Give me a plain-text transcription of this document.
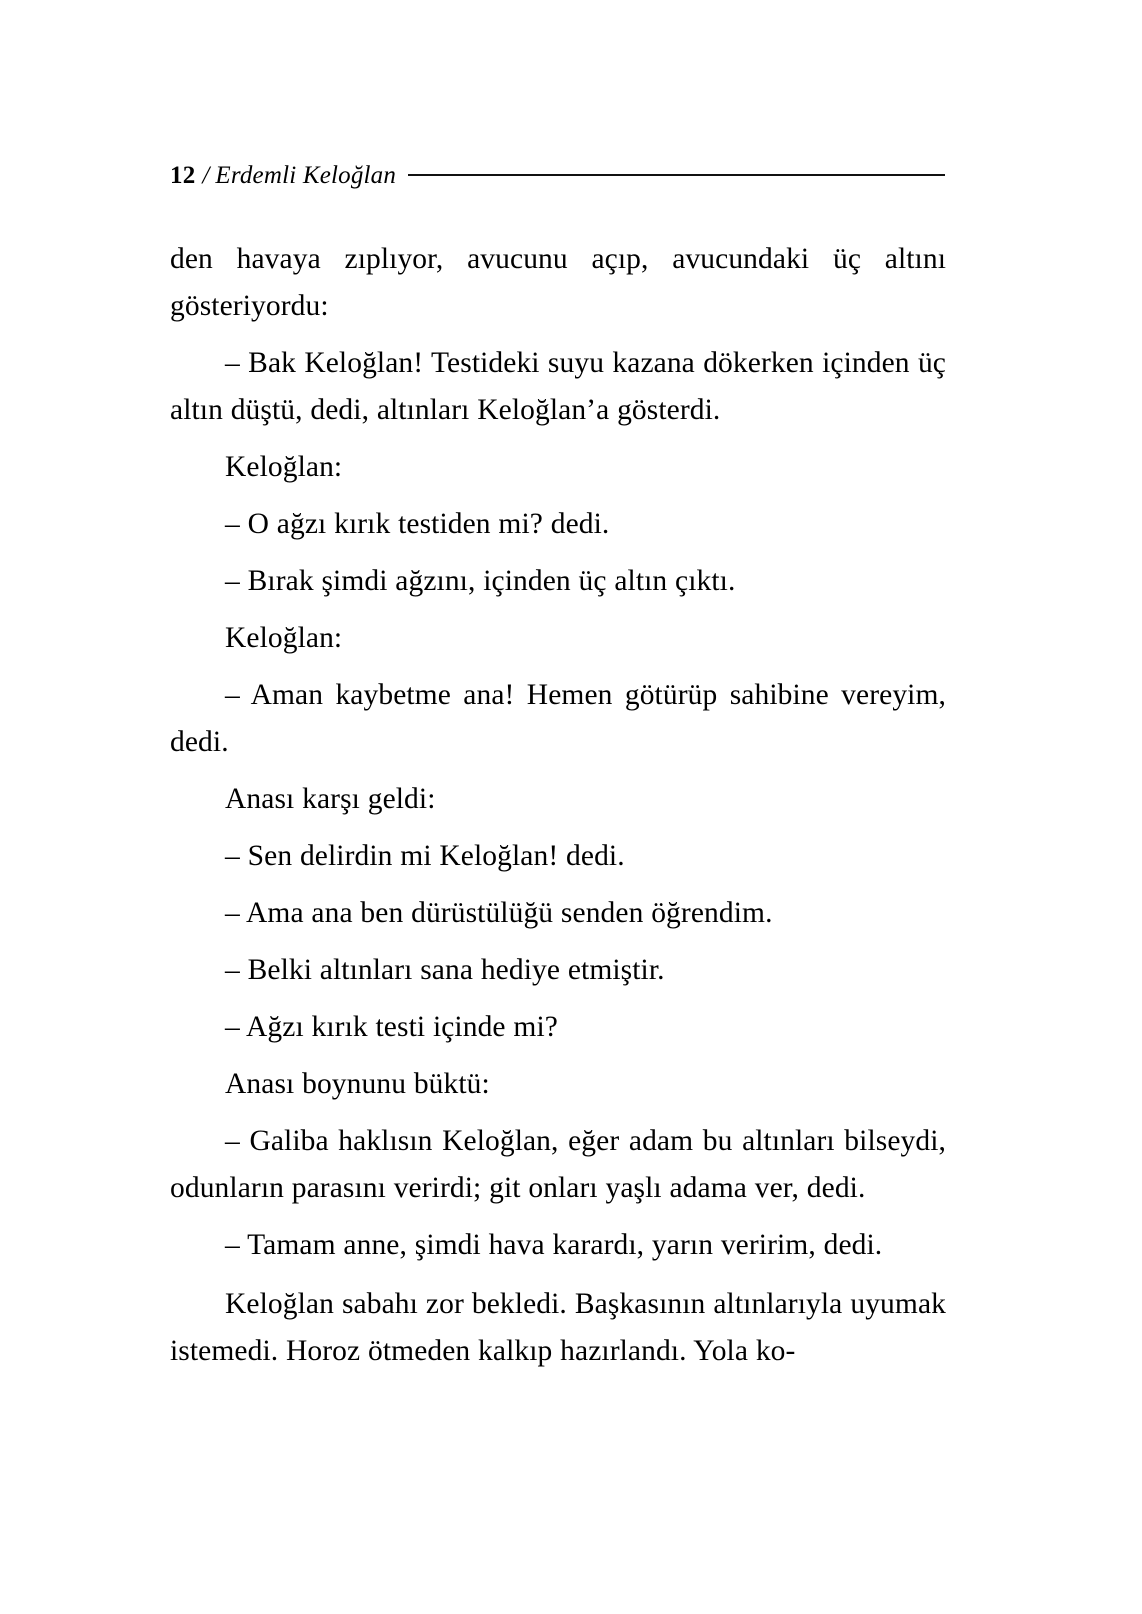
12 / Erdemli Keloğlan

den havaya zıplıyor, avucunu açıp, avucundaki üç altını gösteriyordu:

– Bak Keloğlan! Testideki suyu kazana dökerken içinden üç altın düştü, dedi, altınları Keloğlan’a gösterdi.

Keloğlan:

– O ağzı kırık testiden mi? dedi.

– Bırak şimdi ağzını, içinden üç altın çıktı.

Keloğlan:

– Aman kaybetme ana! Hemen götürüp sahibine vereyim, dedi.

Anası karşı geldi:

– Sen delirdin mi Keloğlan! dedi.

– Ama ana ben dürüstülüğü senden öğrendim.

– Belki altınları sana hediye etmiştir.

– Ağzı kırık testi içinde mi?

Anası boynunu büktü:

– Galiba haklısın Keloğlan, eğer adam bu altınları bilseydi, odunların parasını verirdi; git onları yaşlı adama ver, dedi.

– Tamam anne, şimdi hava karardı, yarın veririm, dedi.

Keloğlan sabahı zor bekledi. Başkasının altınlarıyla uyumak istemedi. Horoz ötmeden kalkıp hazırlandı. Yola ko-
